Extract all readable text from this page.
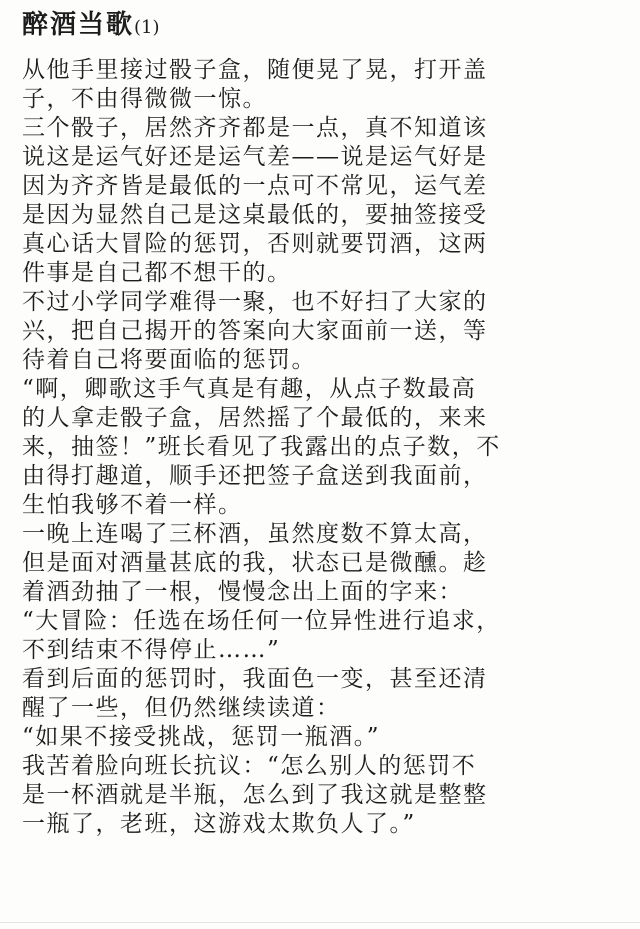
醉酒当歌(1)
从他手里接过骰子盒，随便晃了晃，打开盖
子，不由得微微一惊。
三个骰子，居然齐齐都是一点，真不知道该
说这是运气好还是运气差——说是运气好是
因为齐齐皆是最低的一点可不常见，运气差
是因为显然自己是这桌最低的，要抽签接受
真心话大冒险的惩罚，否则就要罚酒，这两
件事是自己都不想干的。
不过小学同学难得一聚，也不好扫了大家的
兴，把自己揭开的答案向大家面前一送，等
待着自己将要面临的惩罚。
“啊，卿歌这手气真是有趣，从点子数最高
的人拿走骰子盒，居然摇了个最低的，来来
来，抽签！”班长看见了我露出的点子数，不
由得打趣道，顺手还把签子盒送到我面前，
生怕我够不着一样。
一晚上连喝了三杯酒，虽然度数不算太高，
但是面对酒量甚底的我，状态已是微醺。趁
着酒劲抽了一根，慢慢念出上面的字来：
“大冒险：任选在场任何一位异性进行追求，
不到结束不得停止……”
看到后面的惩罚时，我面色一变，甚至还清
醒了一些，但仍然继续读道：
“如果不接受挑战，惩罚一瓶酒。”
我苦着脸向班长抗议：“怎么别人的惩罚不
是一杯酒就是半瓶，怎么到了我这就是整整
一瓶了，老班，这游戏太欺负人了。”
